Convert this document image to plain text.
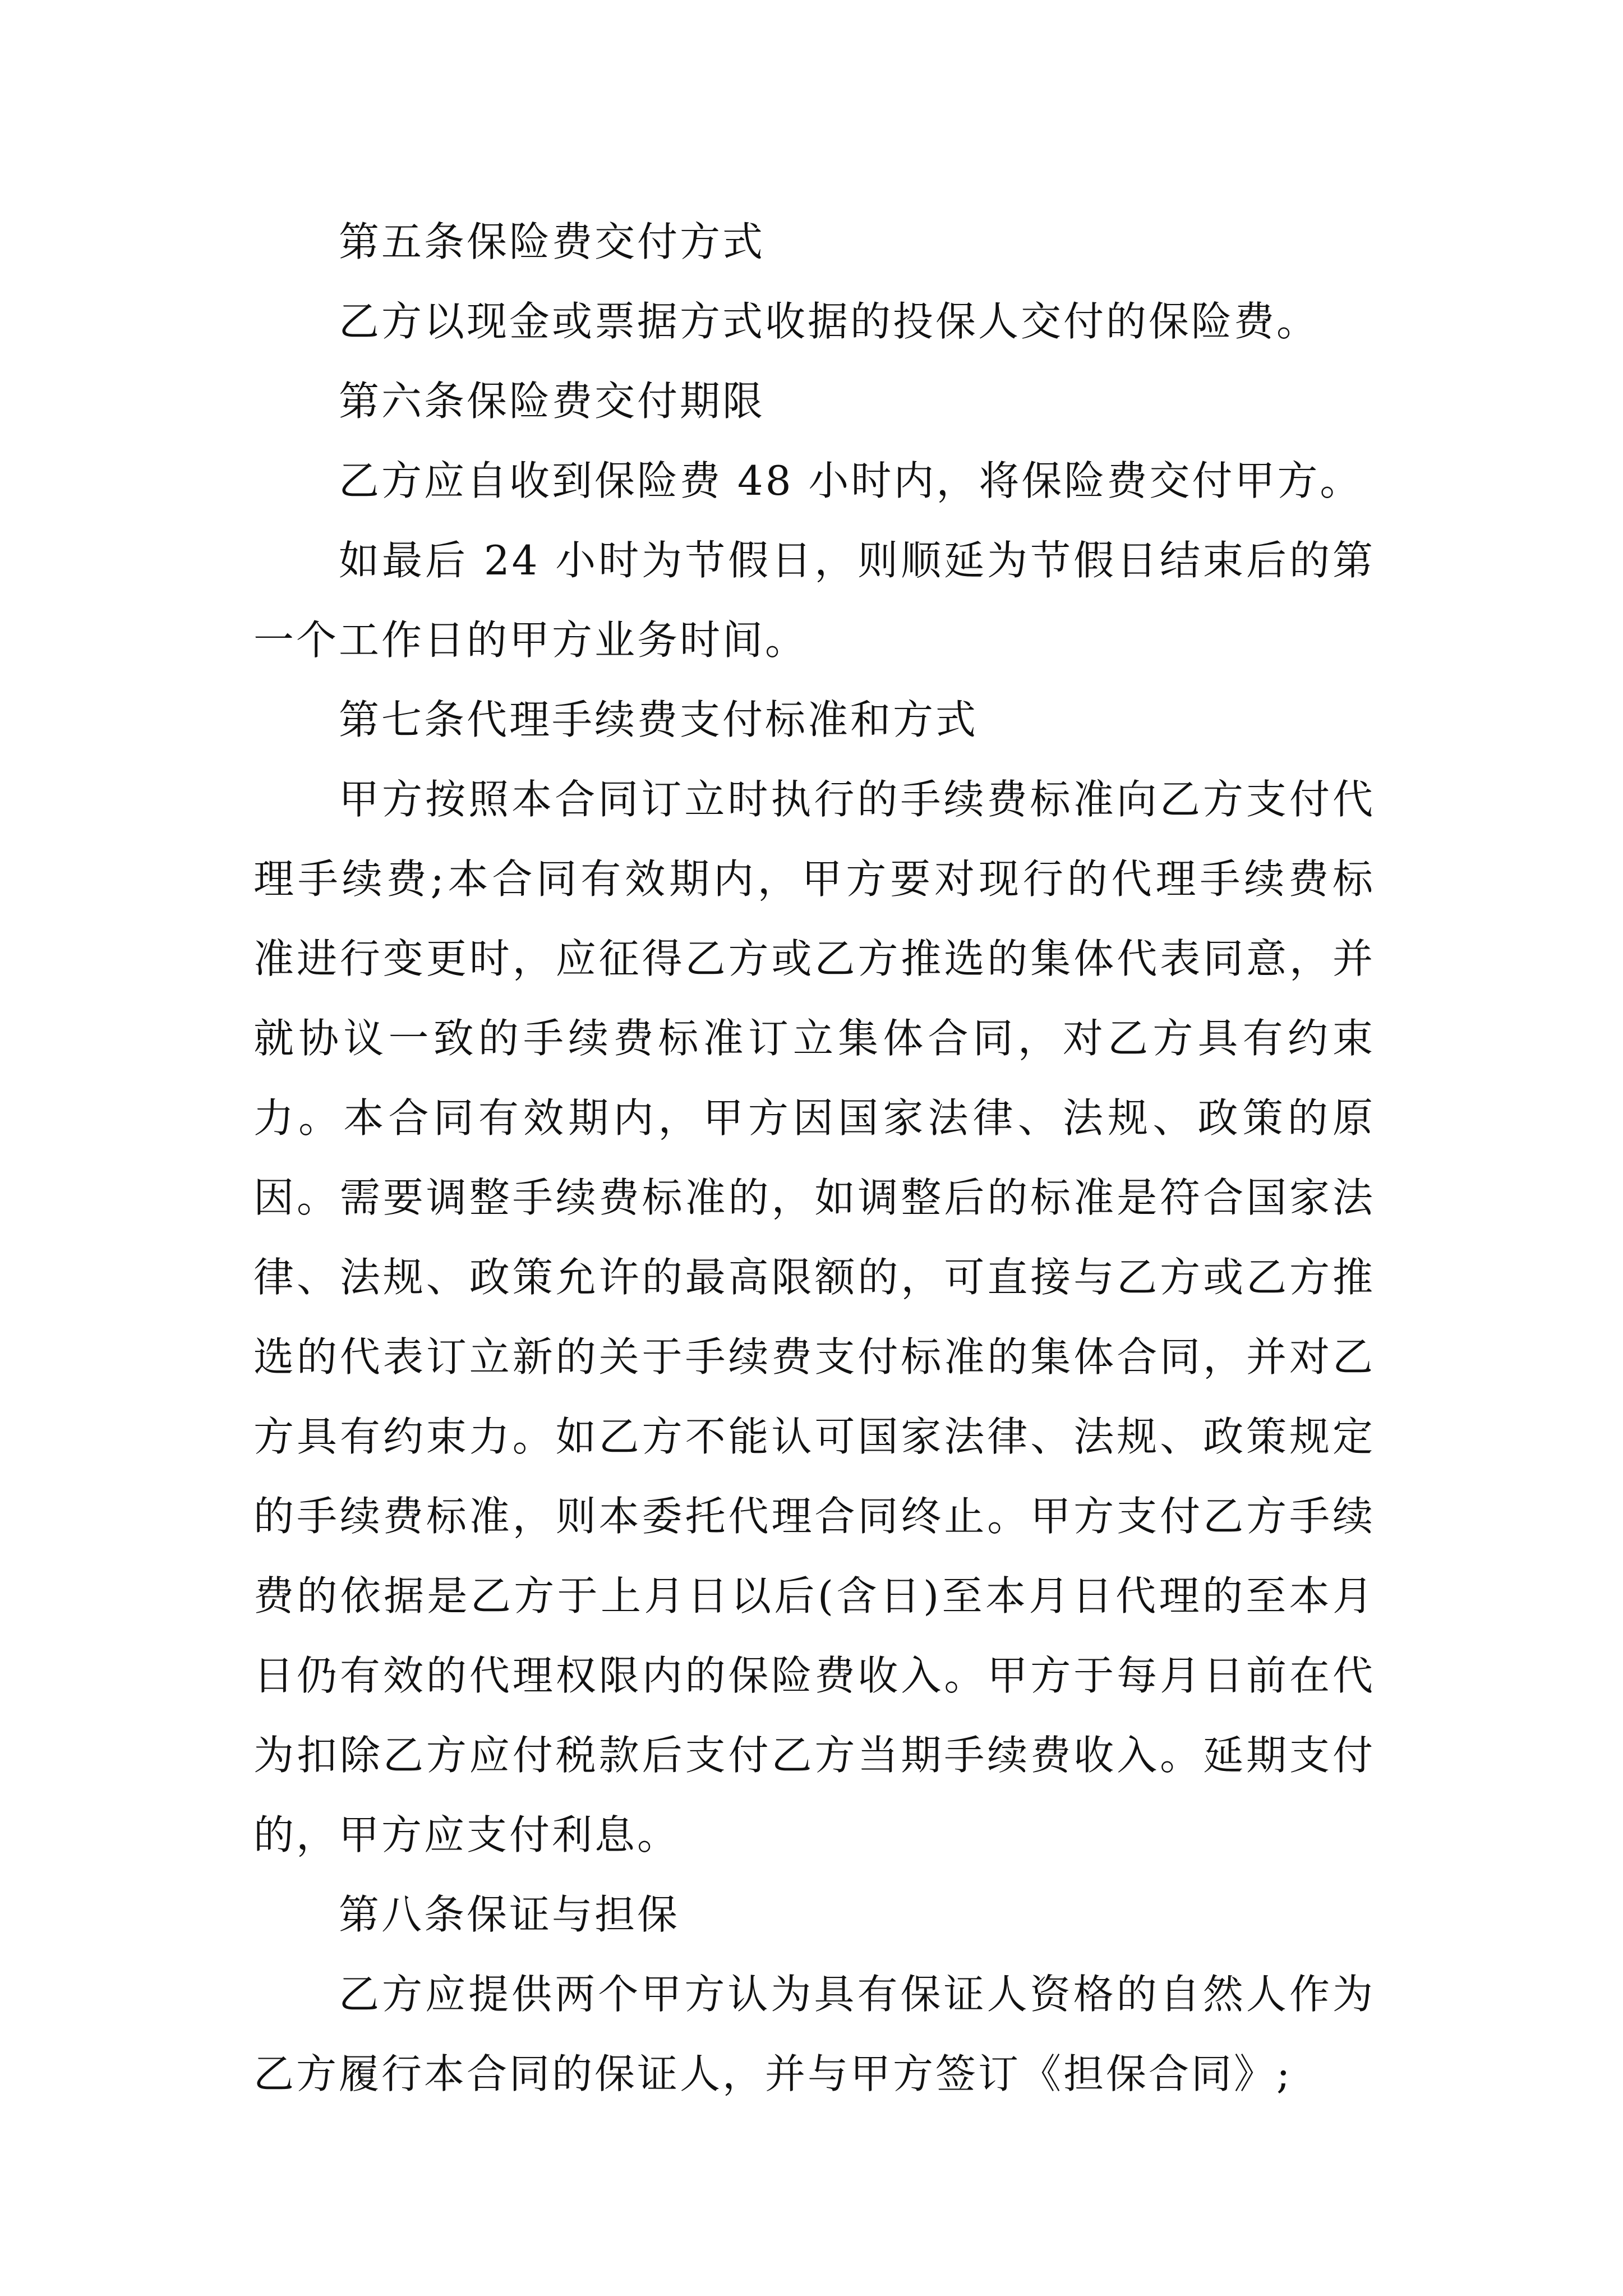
第五条保险费交付方式

乙方以现金或票据方式收据的投保人交付的保险费。

第六条保险费交付期限

乙方应自收到保险费 48 小时内，将保险费交付甲方。

如最后 24 小时为节假日，则顺延为节假日结束后的第一个工作日的甲方业务时间。

第七条代理手续费支付标准和方式

甲方按照本合同订立时执行的手续费标准向乙方支付代理手续费;本合同有效期内，甲方要对现行的代理手续费标准进行变更时，应征得乙方或乙方推选的集体代表同意，并就协议一致的手续费标准订立集体合同，对乙方具有约束力。本合同有效期内，甲方因国家法律、法规、政策的原因。需要调整手续费标准的，如调整后的标准是符合国家法律、法规、政策允许的最高限额的，可直接与乙方或乙方推选的代表订立新的关于手续费支付标准的集体合同，并对乙方具有约束力。如乙方不能认可国家法律、法规、政策规定的手续费标准，则本委托代理合同终止。甲方支付乙方手续费的依据是乙方于上月日以后(含日)至本月日代理的至本月日仍有效的代理权限内的保险费收入。甲方于每月日前在代为扣除乙方应付税款后支付乙方当期手续费收入。延期支付的，甲方应支付利息。

第八条保证与担保

乙方应提供两个甲方认为具有保证人资格的自然人作为乙方履行本合同的保证人，并与甲方签订《担保合同》;
